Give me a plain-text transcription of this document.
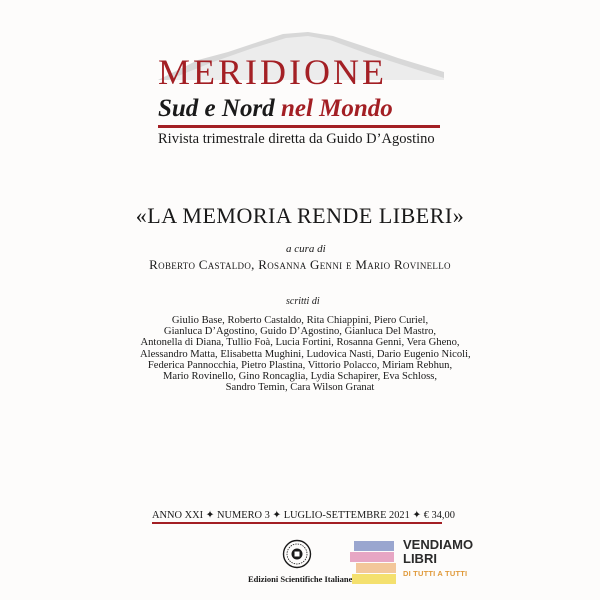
MERIDIONE
Sud e Nord nel Mondo
Rivista trimestrale diretta da Guido D’Agostino
«LA MEMORIA RENDE LIBERI»
a cura di
Roberto Castaldo, Rosanna Genni e Mario Rovinello
scritti di
Giulio Base, Roberto Castaldo, Rita Chiappini, Piero Curiel,
Gianluca D’Agostino, Guido D’Agostino, Gianluca Del Mastro,
Antonella di Diana, Tullio Foà, Lucia Fortini, Rosanna Genni, Vera Gheno,
Alessandro Matta, Elisabetta Mughini, Ludovica Nasti, Dario Eugenio Nicoli,
Federica Pannocchia, Pietro Plastina, Vittorio Polacco, Miriam Rebhun,
Mario Rovinello, Gino Roncaglia, Lydia Schapirer, Eva Schloss,
Sandro Temin, Cara Wilson Granat
ANNO XXI ✦ NUMERO 3 ✦ LUGLIO-SETTEMBRE 2021 ✦ € 34,00
Edizioni Scientifiche Italiane
VENDIAMO
LIBRI
DI TUTTI A TUTTI
